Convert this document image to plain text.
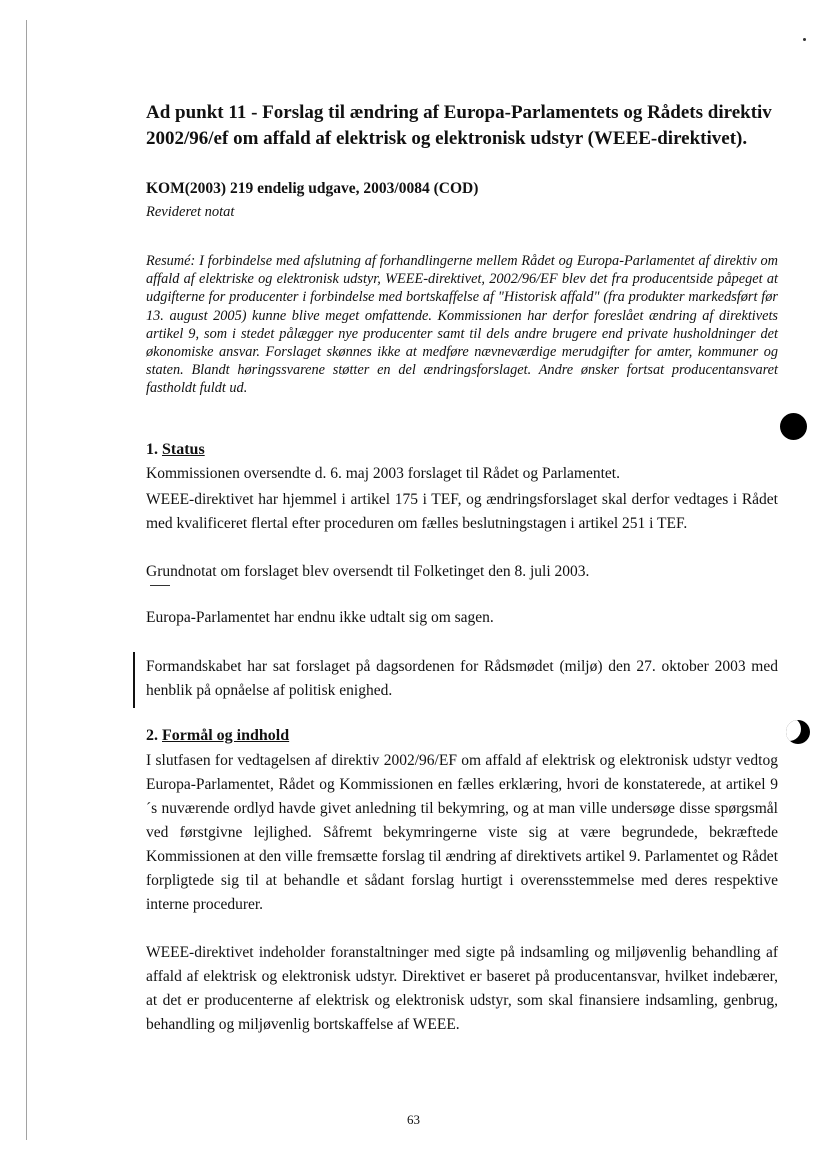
Ad punkt 11 - Forslag til ændring af Europa-Parlamentets og Rådets direktiv 2002/96/ef om affald af elektrisk og elektronisk udstyr (WEEE-direktivet).

KOM(2003) 219 endelig udgave, 2003/0084 (COD)

Revideret notat

Resumé: I forbindelse med afslutning af forhandlingerne mellem Rådet og Europa-Parlamentet af direktiv om affald af elektriske og elektronisk udstyr, WEEE-direktivet, 2002/96/EF blev det fra producentside påpeget at udgifterne for producenter i forbindelse med bortskaffelse af "Historisk affald" (fra produkter markedsført før 13. august 2005) kunne blive meget omfattende. Kommissionen har derfor foreslået ændring af direktivets artikel 9, som i stedet pålægger nye producenter samt til dels andre brugere end private husholdninger det økonomiske ansvar. Forslaget skønnes ikke at medføre nævneværdige merudgifter for amter, kommuner og staten. Blandt høringssvarene støtter en del ændringsforslaget. Andre ønsker fortsat producentansvaret fastholdt fuldt ud.

1. Status

Kommissionen oversendte d. 6. maj 2003 forslaget til Rådet og Parlamentet.

WEEE-direktivet har hjemmel i artikel 175 i TEF, og ændringsforslaget skal derfor vedtages i Rådet med kvalificeret flertal efter proceduren om fælles beslutningstagen i artikel 251 i TEF.

Grundnotat om forslaget blev oversendt til Folketinget den 8. juli 2003.

Europa-Parlamentet har endnu ikke udtalt sig om sagen.

Formandskabet har sat forslaget på dagsordenen for Rådsmødet (miljø) den 27. oktober 2003 med henblik på opnåelse af politisk enighed.

2. Formål og indhold

I slutfasen for vedtagelsen af direktiv 2002/96/EF om affald af elektrisk og elektronisk udstyr vedtog Europa-Parlamentet, Rådet og Kommissionen en fælles erklæring, hvori de konstaterede, at artikel 9´s nuværende ordlyd havde givet anledning til bekymring, og at man ville undersøge disse spørgsmål ved førstgivne lejlighed. Såfremt bekymringerne viste sig at være begrundede, bekræftede Kommissionen at den ville fremsætte forslag til ændring af direktivets artikel 9. Parlamentet og Rådet forpligtede sig til at behandle et sådant forslag hurtigt i overensstemmelse med deres respektive interne procedurer.

WEEE-direktivet indeholder foranstaltninger med sigte på indsamling og miljøvenlig behandling af affald af elektrisk og elektronisk udstyr. Direktivet er baseret på producentansvar, hvilket indebærer, at det er producenterne af elektrisk og elektronisk udstyr, som skal finansiere indsamling, genbrug, behandling og miljøvenlig bortskaffelse af WEEE.

63
